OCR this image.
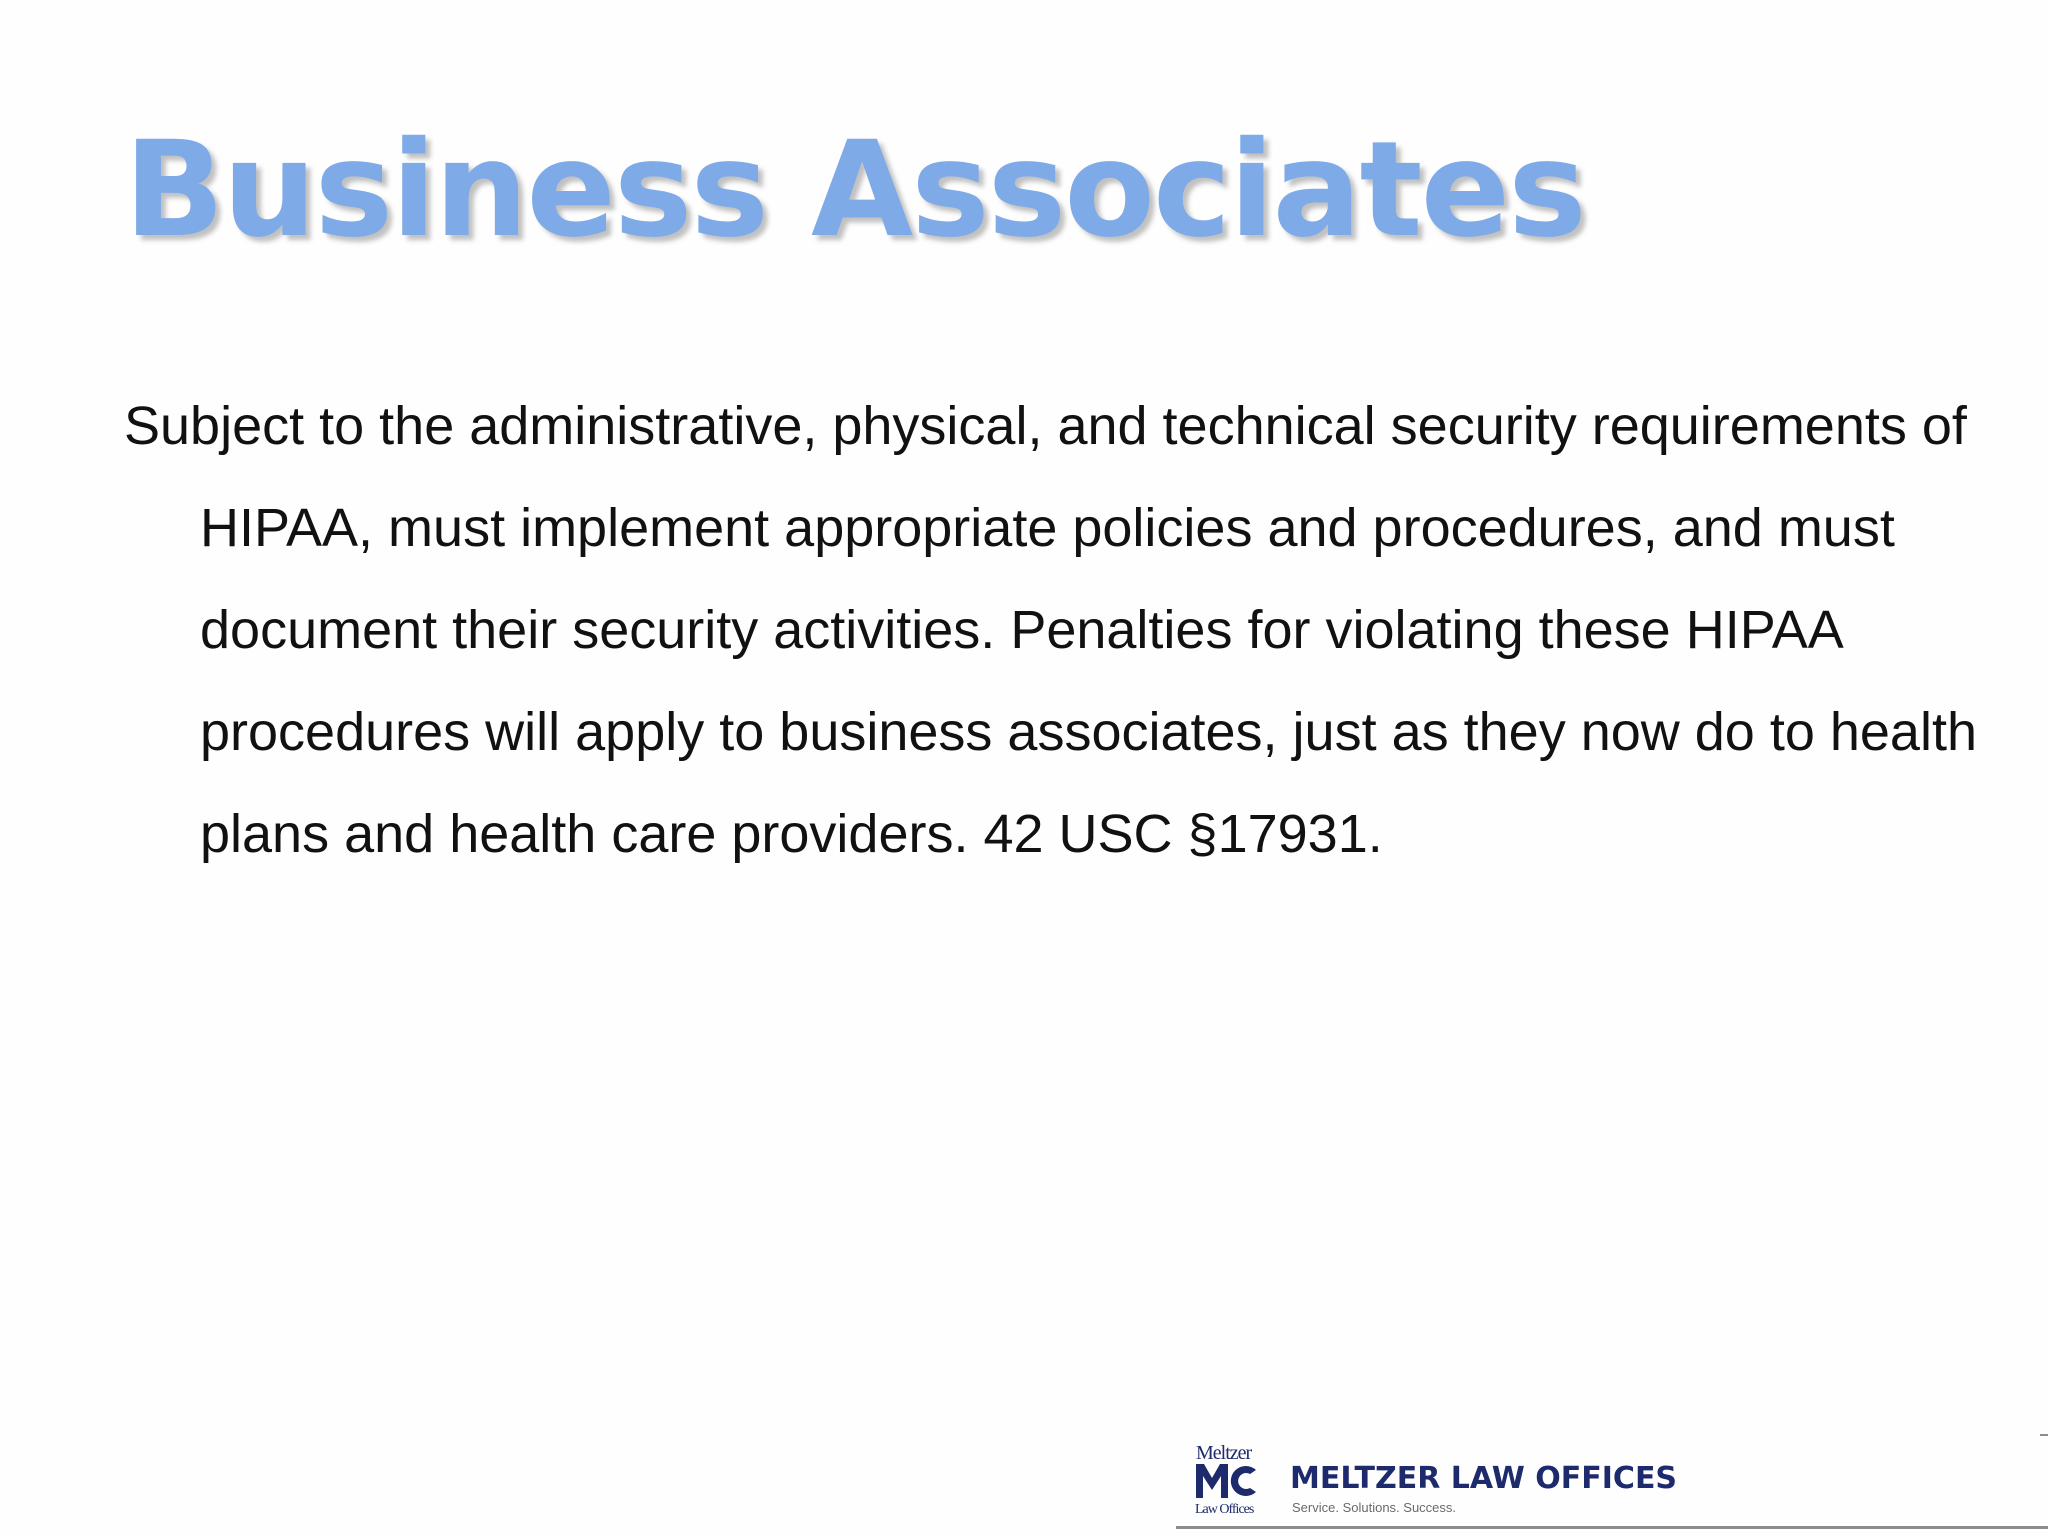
Business Associates

Subject to the administrative, physical, and technical security requirements of HIPAA, must implement appropriate policies and procedures, and must document their security activities. Penalties for violating these HIPAA procedures will apply to business associates, just as they now do to health plans and health care providers. 42 USC §17931.

Meltzer
Law Offices
MELTZER LAW OFFICES
Service. Solutions. Success.
